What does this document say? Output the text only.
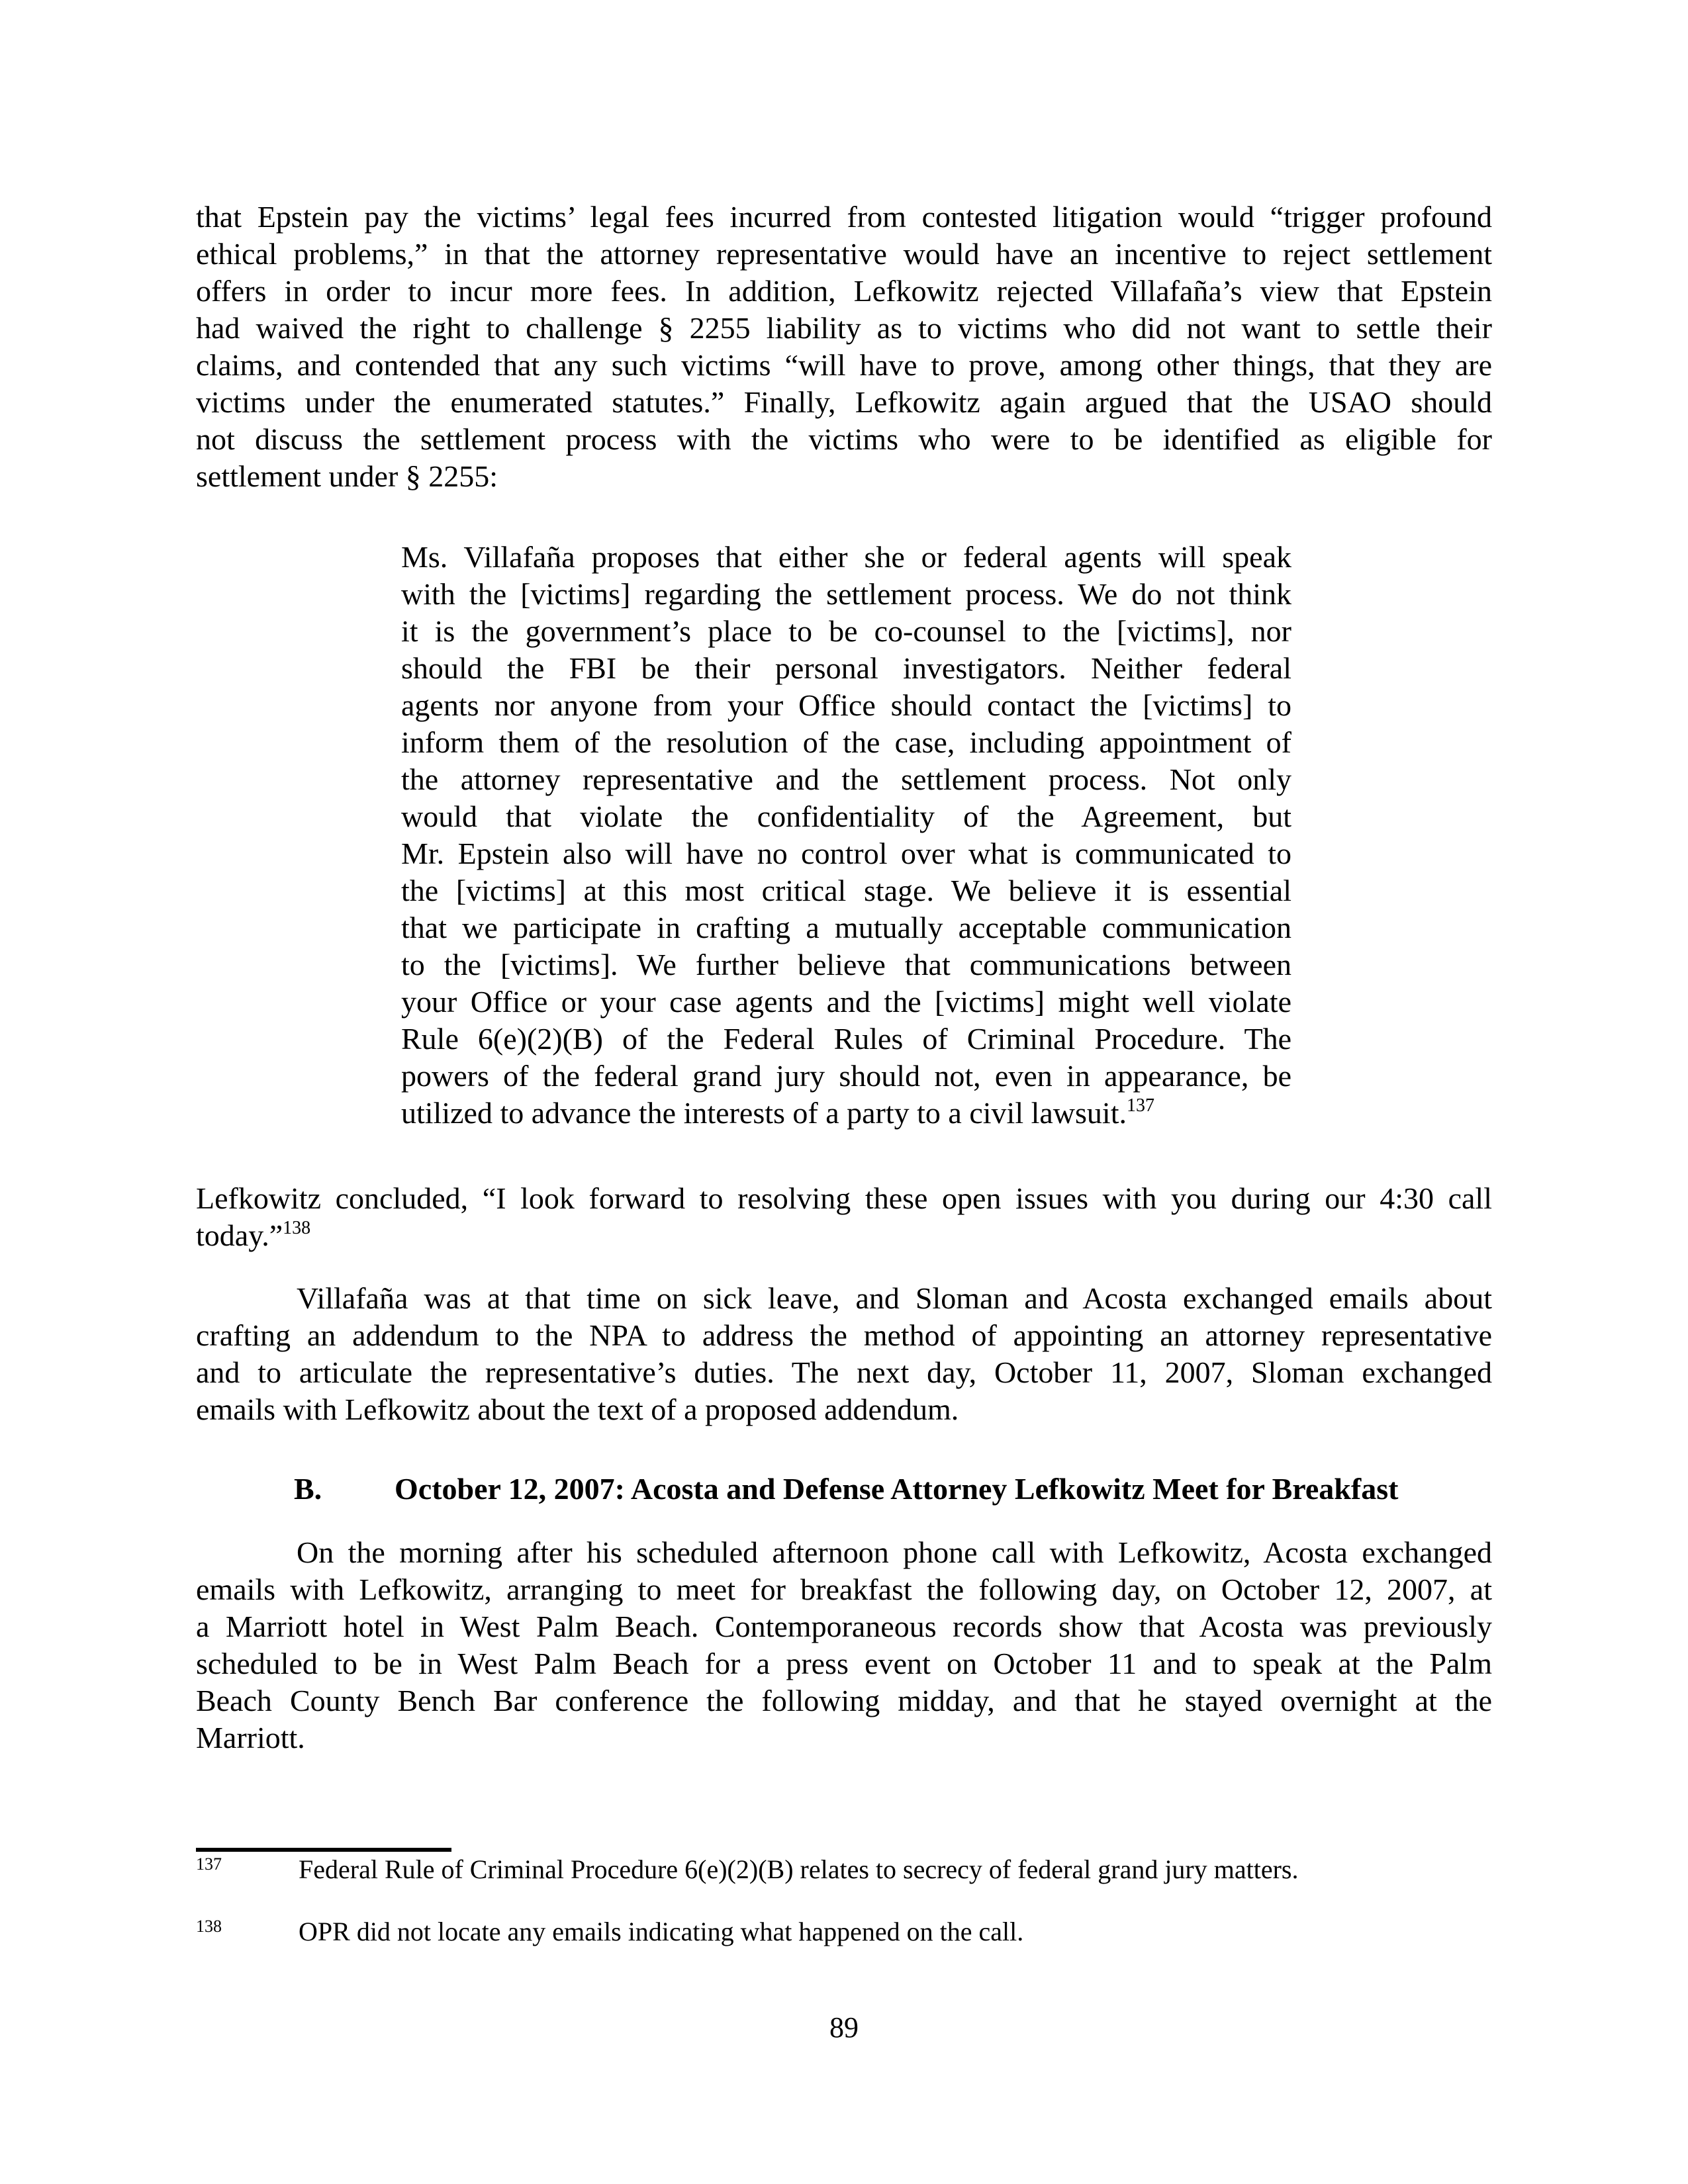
that Epstein pay the victims’ legal fees incurred from contested litigation would “trigger profound
ethical problems,” in that the attorney representative would have an incentive to reject settlement
offers in order to incur more fees. In addition, Lefkowitz rejected Villafaña’s view that Epstein
had waived the right to challenge § 2255 liability as to victims who did not want to settle their
claims, and contended that any such victims “will have to prove, among other things, that they are
victims under the enumerated statutes.” Finally, Lefkowitz again argued that the USAO should
not discuss the settlement process with the victims who were to be identified as eligible for
settlement under § 2255:
Ms. Villafaña proposes that either she or federal agents will speak
with the [victims] regarding the settlement process. We do not think
it is the government’s place to be co-counsel to the [victims], nor
should the FBI be their personal investigators. Neither federal
agents nor anyone from your Office should contact the [victims] to
inform them of the resolution of the case, including appointment of
the attorney representative and the settlement process. Not only
would that violate the confidentiality of the Agreement, but
Mr. Epstein also will have no control over what is communicated to
the [victims] at this most critical stage. We believe it is essential
that we participate in crafting a mutually acceptable communication
to the [victims]. We further believe that communications between
your Office or your case agents and the [victims] might well violate
Rule 6(e)(2)(B) of the Federal Rules of Criminal Procedure. The
powers of the federal grand jury should not, even in appearance, be
utilized to advance the interests of a party to a civil lawsuit.$^{137}$
Lefkowitz concluded, “I look forward to resolving these open issues with you during our 4:30 call
today.”$^{138}$
Villafaña was at that time on sick leave, and Sloman and Acosta exchanged emails about
crafting an addendum to the NPA to address the method of appointing an attorney representative
and to articulate the representative’s duties. The next day, October 11, 2007, Sloman exchanged
emails with Lefkowitz about the text of a proposed addendum.
B. October 12, 2007: Acosta and Defense Attorney Lefkowitz Meet for Breakfast
On the morning after his scheduled afternoon phone call with Lefkowitz, Acosta exchanged
emails with Lefkowitz, arranging to meet for breakfast the following day, on October 12, 2007, at
a Marriott hotel in West Palm Beach. Contemporaneous records show that Acosta was previously
scheduled to be in West Palm Beach for a press event on October 11 and to speak at the Palm
Beach County Bench Bar conference the following midday, and that he stayed overnight at the
Marriott.
137	Federal Rule of Criminal Procedure 6(e)(2)(B) relates to secrecy of federal grand jury matters.
138	OPR did not locate any emails indicating what happened on the call.
89
